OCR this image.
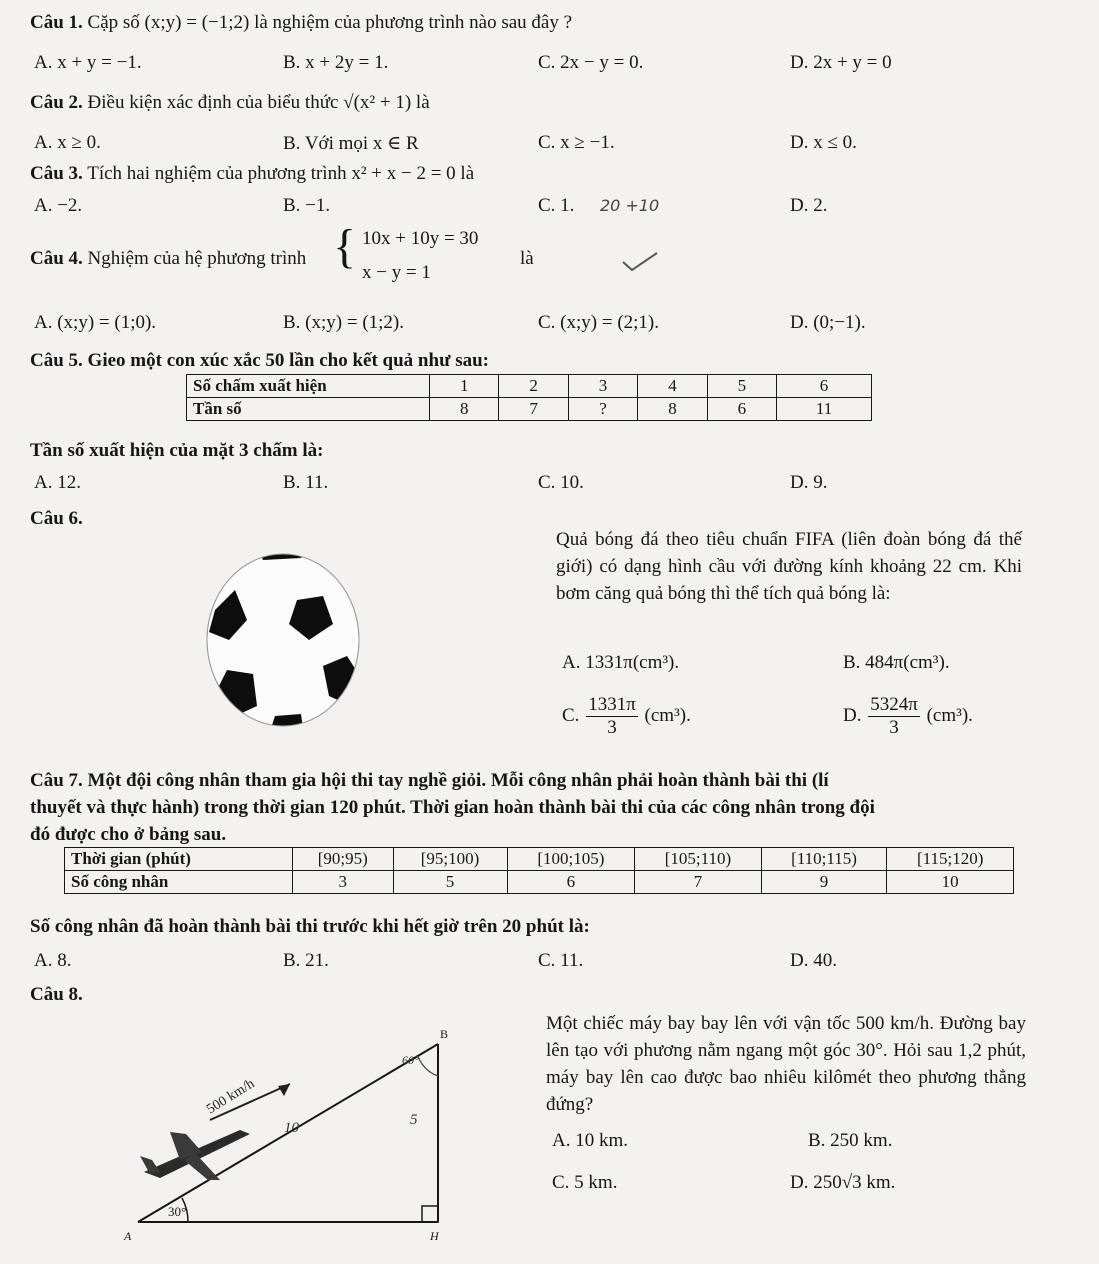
Câu 1. Cặp số (x;y) = (−1;2) là nghiệm của phương trình nào sau đây ?
A. x + y = −1.	B. x + 2y = 1.	C. 2x − y = 0.	D. 2x + y = 0
Câu 2. Điều kiện xác định của biểu thức √(x² + 1) là
A. x ≥ 0.	B. Với mọi x ∈ R	C. x ≥ −1.	D. x ≤ 0.
Câu 3. Tích hai nghiệm của phương trình x² + x − 2 = 0 là
A. −2.	B. −1.	C. 1.	D. 2.
20 +10
Câu 4. Nghiệm của hệ phương trình { 10x + 10y = 30
x − y = 1
là
A. (x;y) = (1;0).	B. (x;y) = (1;2).	C. (x;y) = (2;1).	D. (0;−1).
Câu 5. Gieo một con xúc xắc 50 lần cho kết quả như sau:
Số chấm xuất hiện	1	2	3	4	5	6
Tần số	8	7	?	8	6	11
Tần số xuất hiện của mặt 3 chấm là:
A. 12.	B. 11.	C. 10.	D. 9.
Câu 6.
Quả bóng đá theo tiêu chuẩn FIFA (liên đoàn bóng đá thế giới) có dạng hình cầu với đường kính khoảng 22 cm. Khi bơm căng quả bóng thì thể tích quả bóng là:
A. 1331π(cm³).	B. 484π(cm³).
C. $\frac{1331\pi}{3} (cm^3)$.	D. $\frac{5324\pi}{3} (cm^3)$.
Câu 7. Một đội công nhân tham gia hội thi tay nghề giỏi. Mỗi công nhân phải hoàn thành bài thi (lí
thuyết và thực hành) trong thời gian 120 phút. Thời gian hoàn thành bài thi của các công nhân trong đội
đó được cho ở bảng sau.
Thời gian (phút)	[90;95)	[95;100)	[100;105)	[105;110)	[110;115)	[115;120)
Số công nhân	3	5	6	7	9	10
Số công nhân đã hoàn thành bài thi trước khi hết giờ trên 20 phút là:
A. 8.	B. 21.	C. 11.	D. 40.
Câu 8.
500 km/h
10
60°
5
30°
B
A	H
Một chiếc máy bay bay lên với vận tốc 500 km/h. Đường bay lên tạo với phương nằm ngang một góc 30°. Hỏi sau 1,2 phút, máy bay lên cao được bao nhiêu kilômét theo phương thẳng đứng?
A. 10 km.	B. 250 km.
C. 5 km.	D. 250√3 km.
